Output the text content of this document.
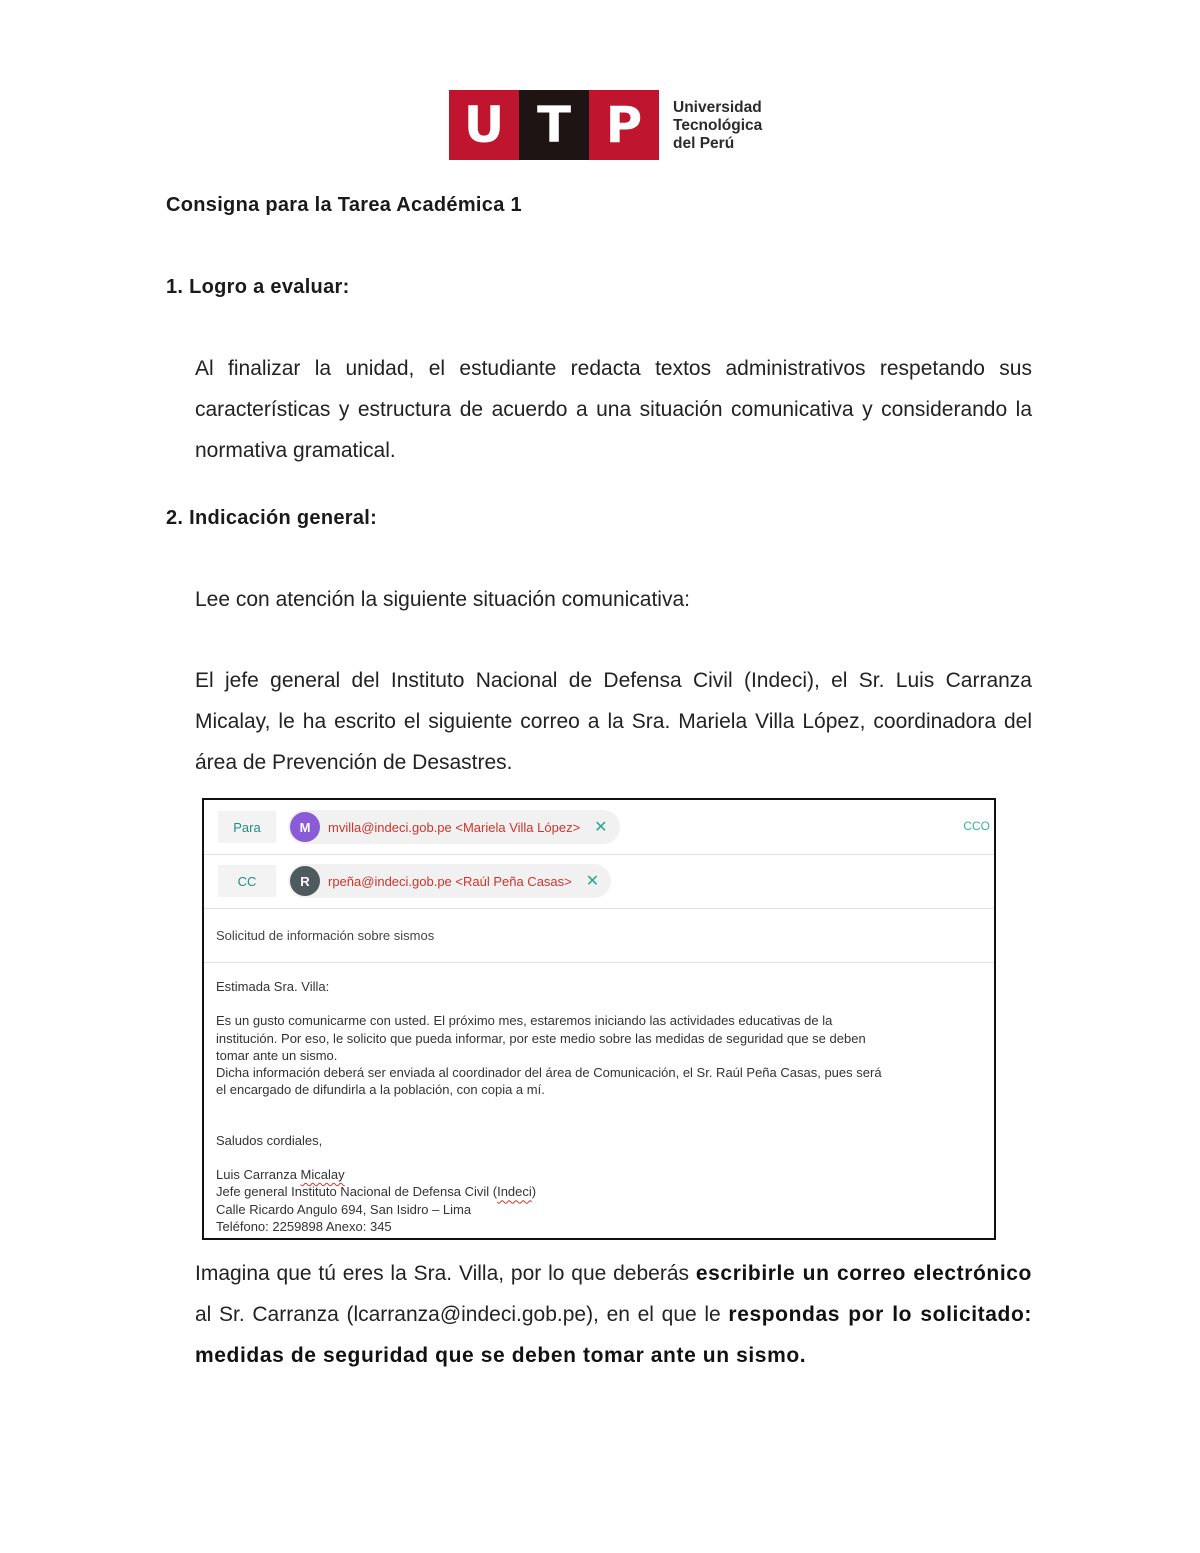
U T P	Universidad
Tecnológica
del Perú
Consigna para la Tarea Académica 1
1. Logro a evaluar:
Al finalizar la unidad, el estudiante redacta textos administrativos respetando sus características y estructura de acuerdo a una situación comunicativa y considerando la normativa gramatical.
2. Indicación general:
Lee con atención la siguiente situación comunicativa:
El jefe general del Instituto Nacional de Defensa Civil (Indeci), el Sr. Luis Carranza Micalay, le ha escrito el siguiente correo a la Sra. Mariela Villa López, coordinadora del área de Prevención de Desastres.
Para	M	mvilla@indeci.gob.pe <Mariela Villa López> ✕	CCO
CC	R	rpeña@indeci.gob.pe <Raúl Peña Casas> ✕
Solicitud de información sobre sismos

Estimada Sra. Villa:

Es un gusto comunicarme con usted. El próximo mes, estaremos iniciando las actividades educativas de la

institución. Por eso, le solicito que pueda informar, por este medio sobre las medidas de seguridad que se deben

tomar ante un sismo.

Dicha información deberá ser enviada al coordinador del área de Comunicación, el Sr. Raúl Peña Casas, pues será

el encargado de difundirla a la población, con copia a mí.

Saludos cordiales,

Luis Carranza Micalay

Jefe general Instituto Nacional de Defensa Civil (Indeci)

Calle Ricardo Angulo 694, San Isidro – Lima

Teléfono: 2259898 Anexo: 345

Imagina que tú eres la Sra. Villa, por lo que deberás escribirle un correo electrónico al Sr. Carranza (lcarranza@indeci.gob.pe), en el que le respondas por lo solicitado: medidas de seguridad que se deben tomar ante un sismo.
